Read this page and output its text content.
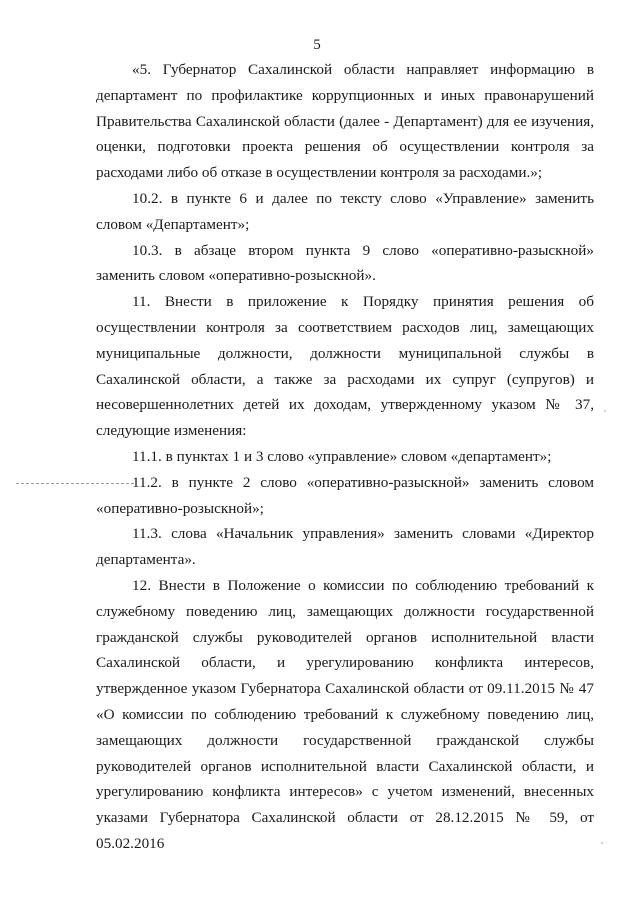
5

«5. Губернатор Сахалинской области направляет информацию в департамент по профилактике коррупционных и иных правонарушений Правительства Сахалинской области (далее - Департамент) для ее изучения, оценки, подготовки проекта решения об осуществлении контроля за расходами либо об отказе в осуществлении контроля за расходами.»;

10.2. в пункте 6 и далее по тексту слово «Управление» заменить словом «Департамент»;

10.3. в абзаце втором пункта 9 слово «оперативно-разыскной» заменить словом «оперативно-розыскной».

11. Внести в приложение к Порядку принятия решения об осуществлении контроля за соответствием расходов лиц, замещающих муниципальные должности, должности муниципальной службы в Сахалинской области, а также за расходами их супруг (супругов) и несовершеннолетних детей их доходам, утвержденному указом № 37, следующие изменения:

11.1. в пунктах 1 и 3 слово «управление» словом «департамент»;

11.2. в пункте 2 слово «оперативно-разыскной» заменить словом «оперативно-розыскной»;

11.3. слова «Начальник управления» заменить словами «Директор департамента».

12. Внести в Положение о комиссии по соблюдению требований к служебному поведению лиц, замещающих должности государственной гражданской службы руководителей органов исполнительной власти Сахалинской области, и урегулированию конфликта интересов, утвержденное указом Губернатора Сахалинской области от 09.11.2015 № 47 «О комиссии по соблюдению требований к служебному поведению лиц, замещающих должности государственной гражданской службы руководителей органов исполнительной власти Сахалинской области, и урегулированию конфликта интересов» с учетом изменений, внесенных указами Губернатора Сахалинской области от 28.12.2015 № 59, от 05.02.2016
